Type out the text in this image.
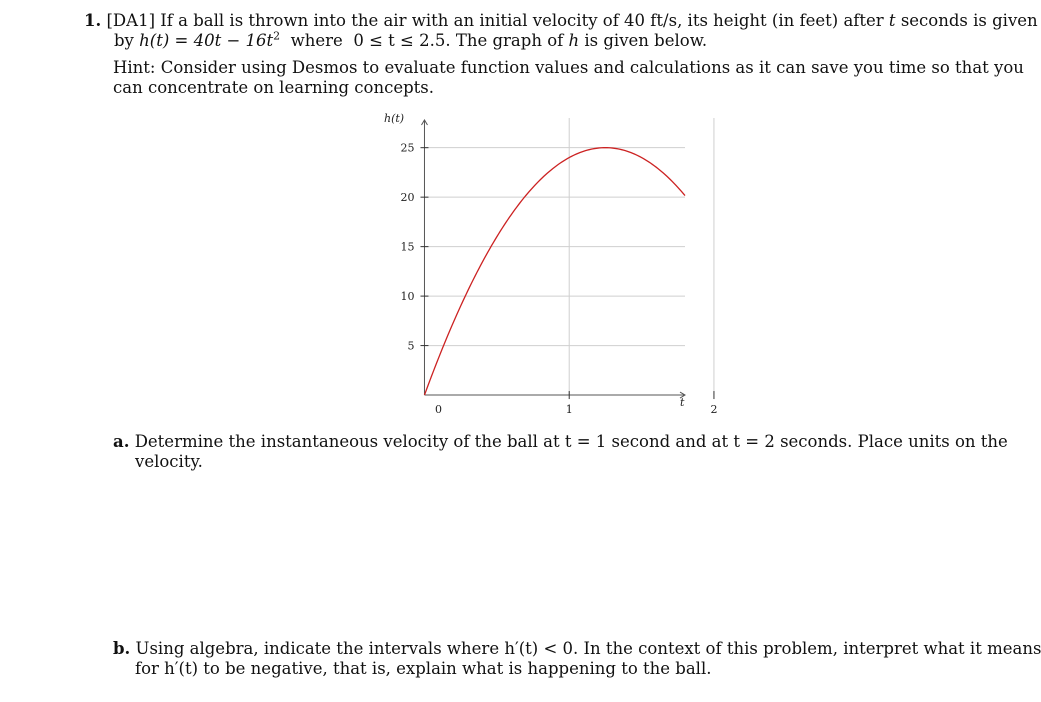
1. [DA1] If a ball is thrown into the air with an initial velocity of 40 ft/s, its height (in feet) after t seconds is given
by $h(t) = 40t - 16t^2$ where 0 ≤ t ≤ 2.5. The graph of h is given below.
Hint: Consider using Desmos to evaluate function values and calculations as it can save you time so that you
can concentrate on learning concepts.
5
10
15
20
25
0	1	2
h(t)
t
a. Determine the instantaneous velocity of the ball at t = 1 second and at t = 2 seconds. Place units on the
velocity.
b. Using algebra, indicate the intervals where h′(t) < 0. In the context of this problem, interpret what it means
for h′(t) to be negative, that is, explain what is happening to the ball.
